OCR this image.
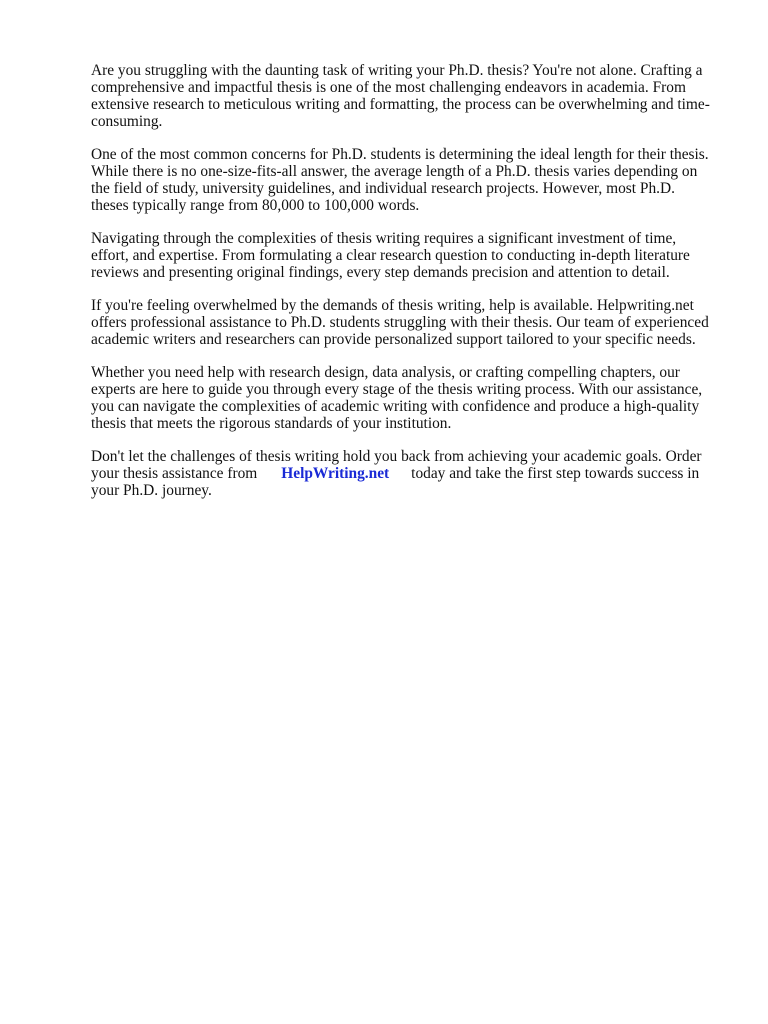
Are you struggling with the daunting task of writing your Ph.D. thesis? You're not alone. Crafting a
comprehensive and impactful thesis is one of the most challenging endeavors in academia. From
extensive research to meticulous writing and formatting, the process can be overwhelming and time-
consuming.

One of the most common concerns for Ph.D. students is determining the ideal length for their thesis.
While there is no one-size-fits-all answer, the average length of a Ph.D. thesis varies depending on
the field of study, university guidelines, and individual research projects. However, most Ph.D.
theses typically range from 80,000 to 100,000 words.

Navigating through the complexities of thesis writing requires a significant investment of time,
effort, and expertise. From formulating a clear research question to conducting in-depth literature
reviews and presenting original findings, every step demands precision and attention to detail.

If you're feeling overwhelmed by the demands of thesis writing, help is available. Helpwriting.net
offers professional assistance to Ph.D. students struggling with their thesis. Our team of experienced
academic writers and researchers can provide personalized support tailored to your specific needs.

Whether you need help with research design, data analysis, or crafting compelling chapters, our
experts are here to guide you through every stage of the thesis writing process. With our assistance,
you can navigate the complexities of academic writing with confidence and produce a high-quality
thesis that meets the rigorous standards of your institution.

Don't let the challenges of thesis writing hold you back from achieving your academic goals. Order
your thesis assistance from HelpWriting.net today and take the first step towards success in
your Ph.D. journey.
